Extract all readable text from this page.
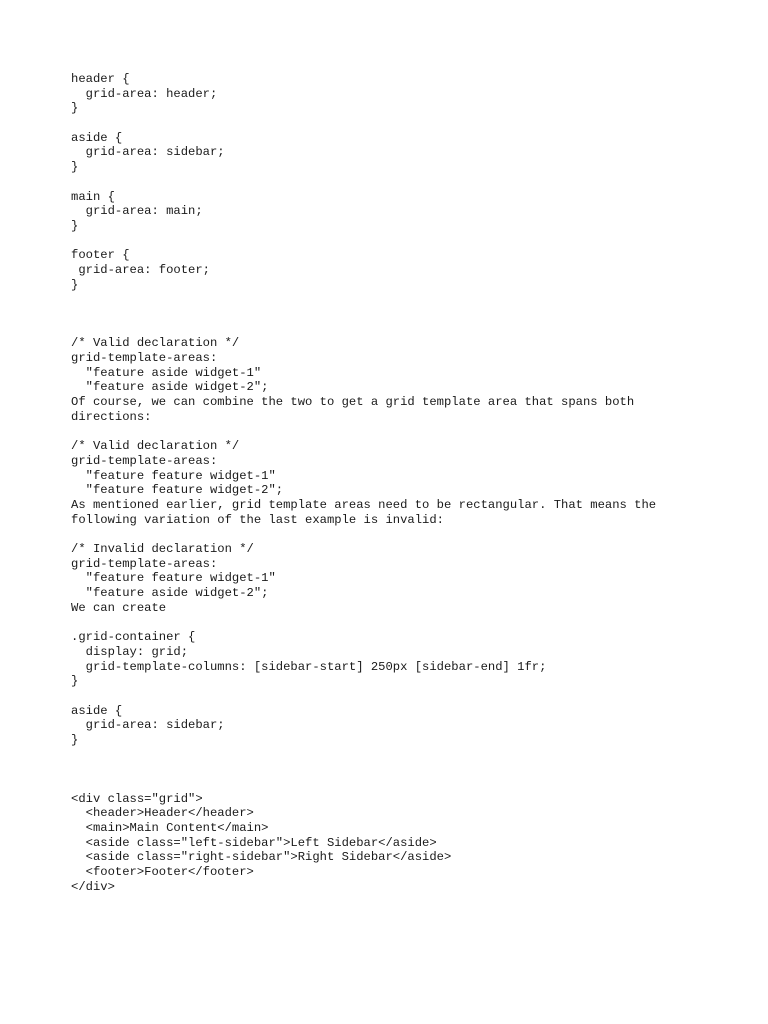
header {
grid-area: header;
}
aside {
grid-area: sidebar;
}
main {
grid-area: main;
}
footer {
grid-area: footer;
}
/* Valid declaration */
grid-template-areas:
"feature aside widget-1"
"feature aside widget-2";
Of course, we can combine the two to get a grid template area that spans both
directions:
/* Valid declaration */
grid-template-areas:
"feature feature widget-1"
"feature feature widget-2";
As mentioned earlier, grid template areas need to be rectangular. That means the
following variation of the last example is invalid:
/* Invalid declaration */
grid-template-areas:
"feature feature widget-1"
"feature aside widget-2";
We can create
.grid-container {
display: grid;
grid-template-columns: [sidebar-start] 250px [sidebar-end] 1fr;
}
aside {
grid-area: sidebar;
}
<div class="grid">
<header>Header</header>
<main>Main Content</main>
<aside class="left-sidebar">Left Sidebar</aside>
<aside class="right-sidebar">Right Sidebar</aside>
<footer>Footer</footer>
</div>
